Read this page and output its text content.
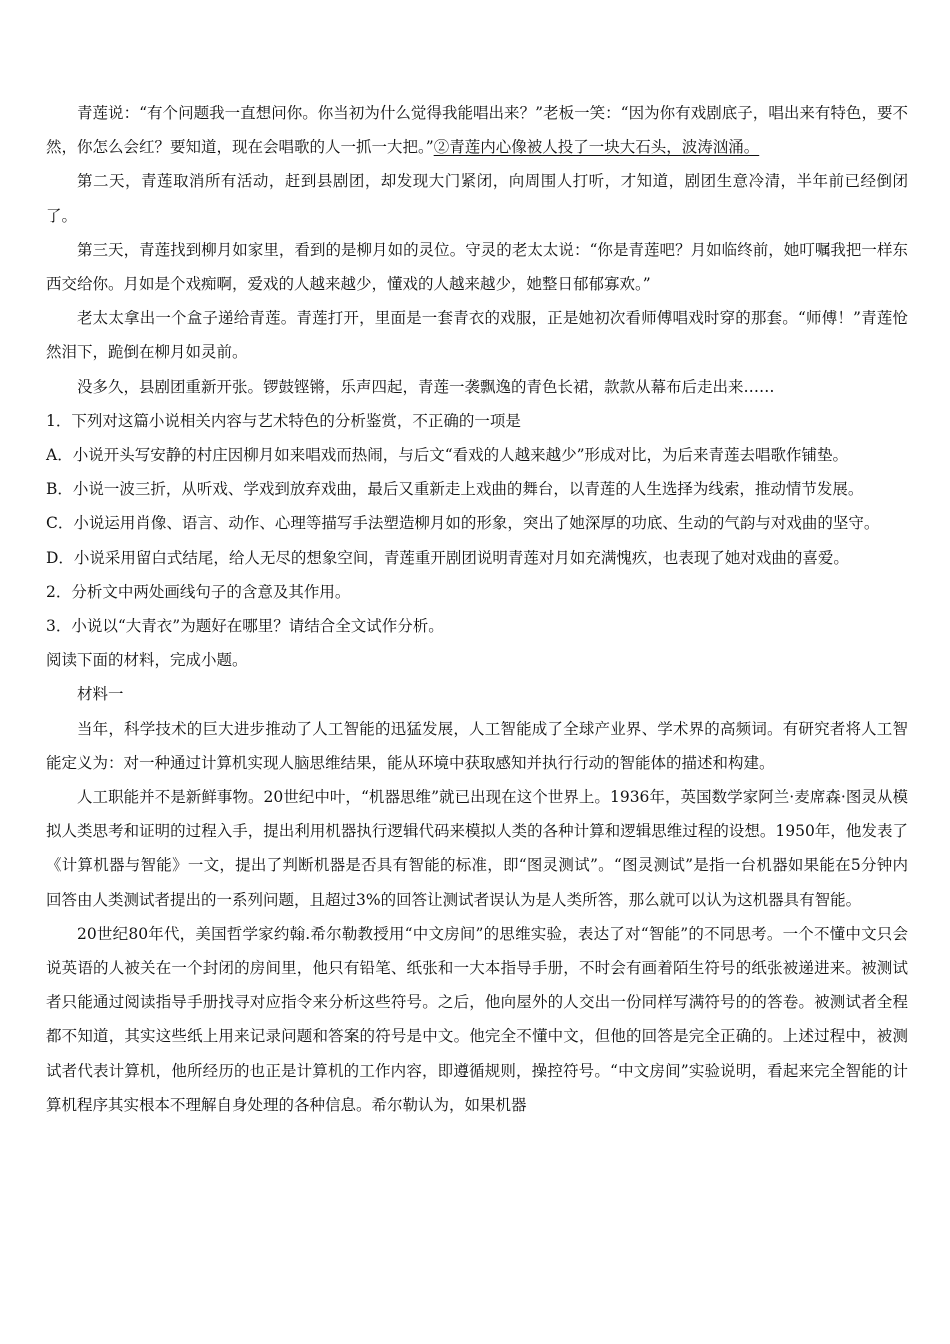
青莲说：“有个问题我一直想问你。你当初为什么觉得我能唱出来？”老板一笑：“因为你有戏剧底子，唱出来有特色，要不然，你怎么会红？要知道，现在会唱歌的人一抓一大把。”②青莲内心像被人投了一块大石头，波涛汹涌。

第二天，青莲取消所有活动，赶到县剧团，却发现大门紧闭，向周围人打听，才知道，剧团生意冷清，半年前已经倒闭了。

第三天，青莲找到柳月如家里，看到的是柳月如的灵位。守灵的老太太说：“你是青莲吧？月如临终前，她叮嘱我把一样东西交给你。月如是个戏痴啊，爱戏的人越来越少，懂戏的人越来越少，她整日郁郁寡欢。”

老太太拿出一个盒子递给青莲。青莲打开，里面是一套青衣的戏服，正是她初次看师傅唱戏时穿的那套。“师傅！”青莲怆然泪下，跪倒在柳月如灵前。

没多久，县剧团重新开张。锣鼓铿锵，乐声四起，青莲一袭飘逸的青色长裙，款款从幕布后走出来……

1．下列对这篇小说相关内容与艺术特色的分析鉴赏，不正确的一项是

A．小说开头写安静的村庄因柳月如来唱戏而热闹，与后文“看戏的人越来越少”形成对比，为后来青莲去唱歌作铺垫。

B．小说一波三折，从听戏、学戏到放弃戏曲，最后又重新走上戏曲的舞台，以青莲的人生选择为线索，推动情节发展。

C．小说运用肖像、语言、动作、心理等描写手法塑造柳月如的形象，突出了她深厚的功底、生动的气韵与对戏曲的坚守。

D．小说采用留白式结尾，给人无尽的想象空间，青莲重开剧团说明青莲对月如充满愧疚，也表现了她对戏曲的喜爱。

2．分析文中两处画线句子的含意及其作用。

3．小说以“大青衣”为题好在哪里？请结合全文试作分析。

阅读下面的材料，完成小题。

材料一

当年，科学技术的巨大进步推动了人工智能的迅猛发展，人工智能成了全球产业界、学术界的高频词。有研究者将人工智能定义为：对一种通过计算机实现人脑思维结果，能从环境中获取感知并执行行动的智能体的描述和构建。

人工职能并不是新鲜事物。20世纪中叶，“机器思维”就已出现在这个世界上。1936年，英国数学家阿兰·麦席森·图灵从模拟人类思考和证明的过程入手，提出利用机器执行逻辑代码来模拟人类的各种计算和逻辑思维过程的设想。1950年，他发表了《计算机器与智能》一文，提出了判断机器是否具有智能的标准，即“图灵测试”。“图灵测试”是指一台机器如果能在5分钟内回答由人类测试者提出的一系列问题，且超过3%的回答让测试者误认为是人类所答，那么就可以认为这机器具有智能。

20世纪80年代，美国哲学家约翰.希尔勒教授用“中文房间”的思维实验，表达了对“智能”的不同思考。一个不懂中文只会说英语的人被关在一个封闭的房间里，他只有铅笔、纸张和一大本指导手册，不时会有画着陌生符号的纸张被递进来。被测试者只能通过阅读指导手册找寻对应指令来分析这些符号。之后，他向屋外的人交出一份同样写满符号的的答卷。被测试者全程都不知道，其实这些纸上用来记录问题和答案的符号是中文。他完全不懂中文，但他的回答是完全正确的。上述过程中，被测试者代表计算机，他所经历的也正是计算机的工作内容，即遵循规则，操控符号。“中文房间”实验说明，看起来完全智能的计算机程序其实根本不理解自身处理的各种信息。希尔勒认为，如果机器
